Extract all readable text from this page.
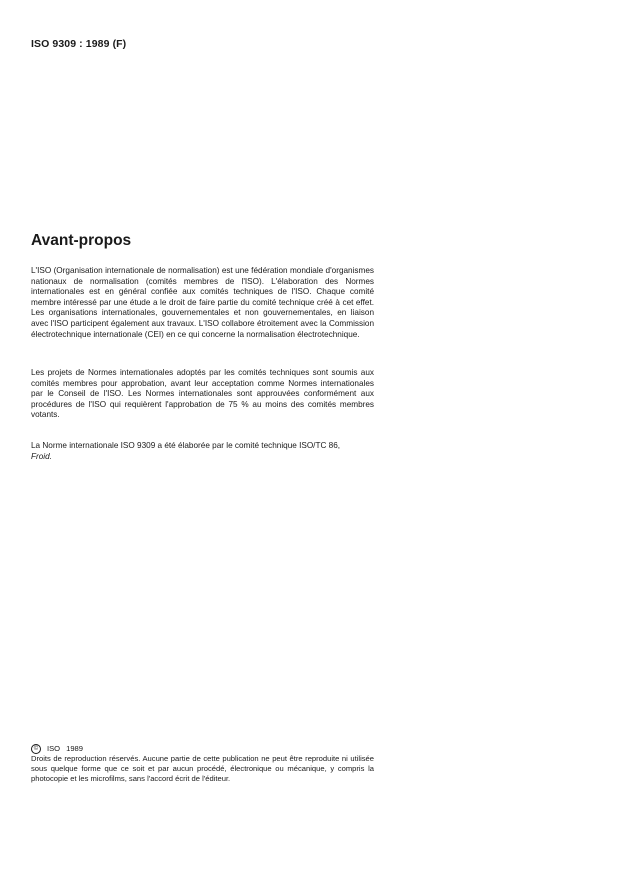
ISO 9309 : 1989 (F)
Avant-propos

L'ISO (Organisation internationale de normalisation) est une fédération mondiale d'organismes nationaux de normalisation (comités membres de l'ISO). L'élaboration des Normes internationales est en général confiée aux comités techniques de l'ISO. Chaque comité membre intéressé par une étude a le droit de faire partie du comité technique créé à cet effet. Les organisations internationales, gouvernementales et non gouvernementales, en liaison avec l'ISO participent également aux travaux. L'ISO collabore étroitement avec la Commission électrotechnique internationale (CEI) en ce qui concerne la normalisation électrotechnique.

Les projets de Normes internationales adoptés par les comités techniques sont soumis aux comités membres pour approbation, avant leur acceptation comme Normes internationales par le Conseil de l'ISO. Les Normes internationales sont approuvées conformément aux procédures de l'ISO qui requièrent l'approbation de 75 % au moins des comités membres votants.

La Norme internationale ISO 9309 a été élaborée par le comité technique ISO/TC 86,
Froid.

©	ISO 1989

Droits de reproduction réservés. Aucune partie de cette publication ne peut être reproduite ni utilisée sous quelque forme que ce soit et par aucun procédé, électronique ou mécanique, y compris la photocopie et les microfilms, sans l'accord écrit de l'éditeur.
